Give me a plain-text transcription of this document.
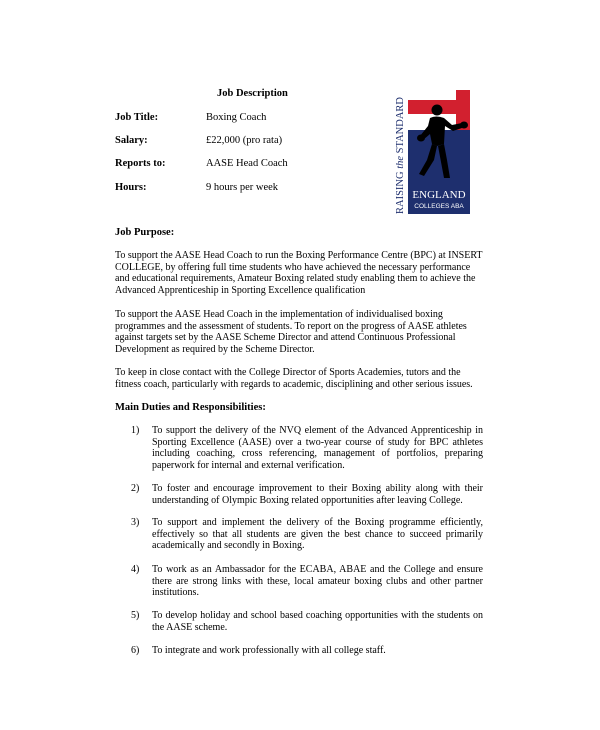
Job Description
Job Title:	Boxing Coach
Salary:	£22,000 (pro rata)
Reports to:	AASE Head Coach
Hours:	9 hours per week	RAISING the STANDARD
ENGLAND
COLLEGES ABA
Job Purpose:
To support the AASE Head Coach to run the Boxing Performance Centre (BPC) at INSERT COLLEGE, by offering full time students who have achieved the necessary performance and educational requirements, Amateur Boxing related study enabling them to achieve the Advanced Apprenticeship in Sporting Excellence qualification
To support the AASE Head Coach in the implementation of individualised boxing programmes and the assessment of students. To report on the progress of AASE athletes against targets set by the AASE Scheme Director and attend Continuous Professional Development as required by the Scheme Director.
To keep in close contact with the College Director of Sports Academies, tutors and the fitness coach, particularly with regards to academic, disciplining and other serious issues.
Main Duties and Responsibilities:
1) To support the delivery of the NVQ element of the Advanced Apprenticeship in Sporting Excellence (AASE) over a two-year course of study for BPC athletes including coaching, cross referencing, management of portfolios, preparing paperwork for internal and external verification.
2) To foster and encourage improvement to their Boxing ability along with their understanding of Olympic Boxing related opportunities after leaving College.
3) To support and implement the delivery of the Boxing programme efficiently, effectively so that all students are given the best chance to succeed primarily academically and secondly in Boxing.
4) To work as an Ambassador for the ECABA, ABAE and the College and ensure there are strong links with these, local amateur boxing clubs and other partner institutions.
5) To develop holiday and school based coaching opportunities with the students on the AASE scheme.
6) To integrate and work professionally with all college staff.
